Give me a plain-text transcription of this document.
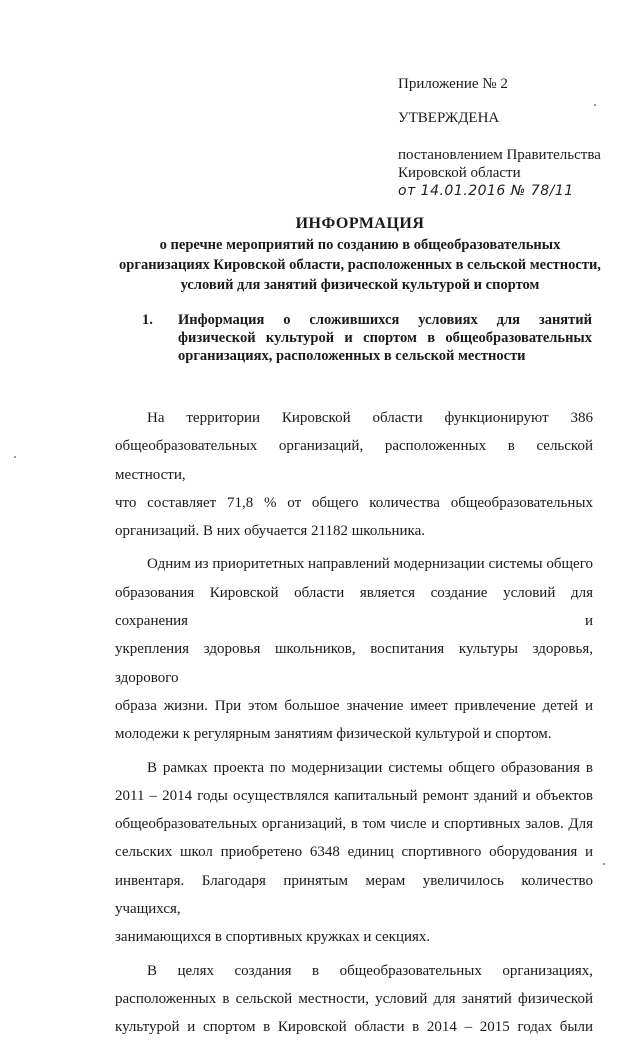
Приложение № 2
УТВЕРЖДЕНА
постановлением Правительства
Кировской области
от 14.01.2016 № 78/11
ИНФОРМАЦИЯ
о перечне мероприятий по созданию в общеобразовательных
организациях Кировской области, расположенных в сельской местности,
условий для занятий физической культурой и спортом
1. Информация о сложившихся условиях для занятий
физической культурой и спортом в общеобразовательных
организациях, расположенных в сельской местности

На территории Кировской области функционируют 386
общеобразовательных организаций, расположенных в сельской местности,
что составляет 71,8 % от общего количества общеобразовательных
организаций. В них обучается 21182 школьника.

Одним из приоритетных направлений модернизации системы общего
образования Кировской области является создание условий для сохранения и
укрепления здоровья школьников, воспитания культуры здоровья, здорового
образа жизни. При этом большое значение имеет привлечение детей и
молодежи к регулярным занятиям физической культурой и спортом.

В рамках проекта по модернизации системы общего образования в
2011 – 2014 годы осуществлялся капитальный ремонт зданий и объектов
общеобразовательных организаций, в том числе и спортивных залов. Для
сельских школ приобретено 6348 единиц спортивного оборудования и
инвентаря. Благодаря принятым мерам увеличилось количество учащихся,
занимающихся в спортивных кружках и секциях.

В целях создания в общеобразовательных организациях,
расположенных в сельской местности, условий для занятий физической
культурой и спортом в Кировской области в 2014 – 2015 годах были
